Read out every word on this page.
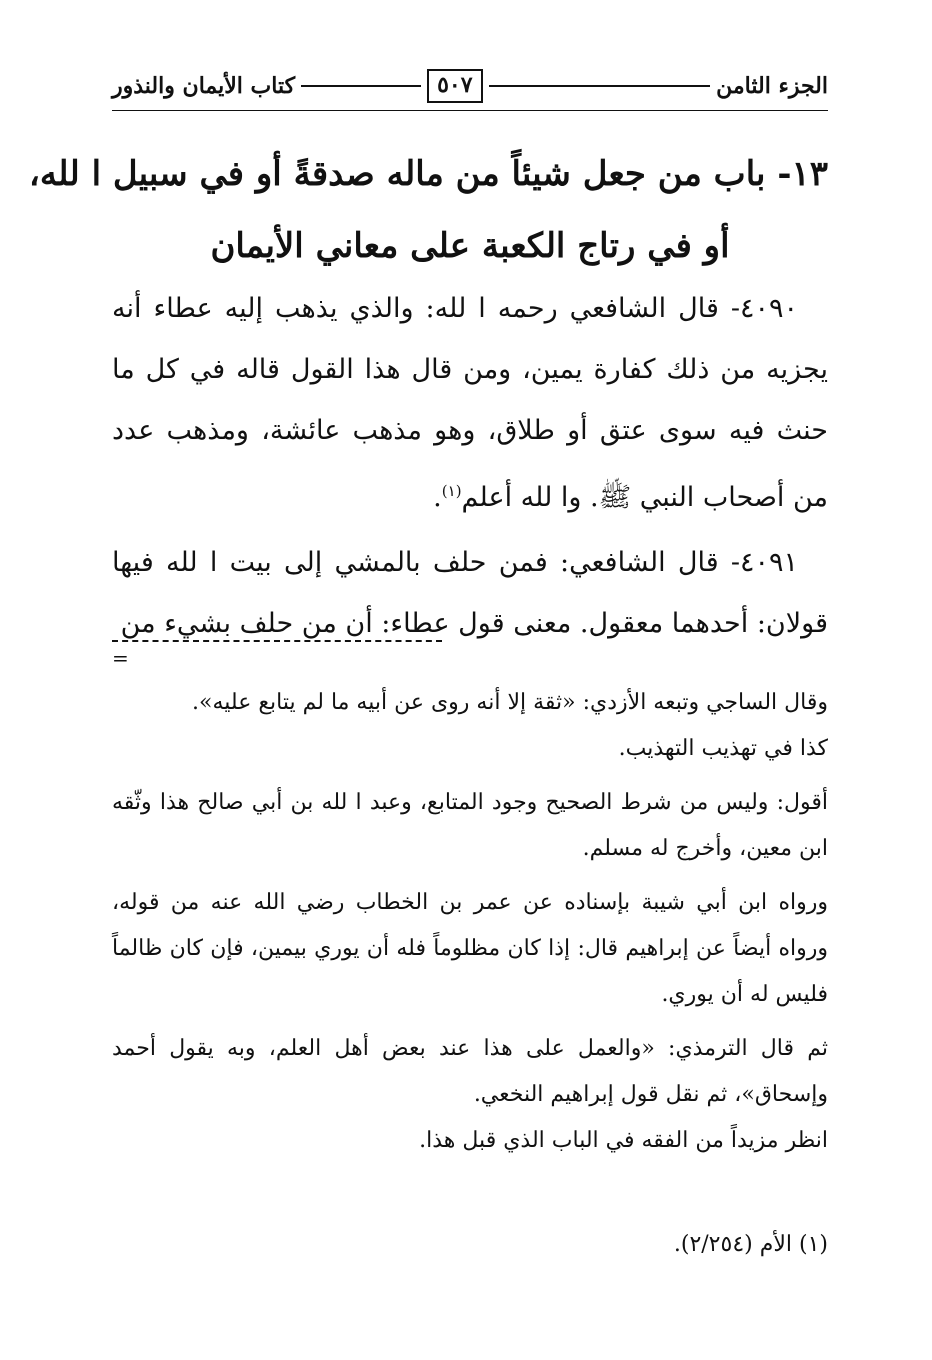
الجزء الثامن
٥٠٧
كتاب الأيمان والنذور
١٣- باب من جعل شيئاً من ماله صدقةً أو في سبيل ا لله،
أو في رتاج الكعبة على معاني الأيمان

٤٠٩٠- قال الشافعي رحمه ا لله: والذي يذهب إليه عطاء أنه يجزيه من ذلك كفارة يمين، ومن قال هذا القول قاله في كل ما حنث فيه سوى عتق أو طلاق، وهو مذهب عائشة، ومذهب عدد من أصحاب النبي ﷺ. وا لله أعلم$^{(١)}$.

٤٠٩١- قال الشافعي: فمن حلف بالمشي إلى بيت ا لله فيها قولان: أحدهما معقول. معنى قول عطاء: أن من حلف بشيء من

=

وقال الساجي وتبعه الأزدي: «ثقة إلا أنه روى عن أبيه ما لم يتابع عليه».

كذا في تهذيب التهذيب.

أقول: وليس من شرط الصحيح وجود المتابع، وعبد ا لله بن أبي صالح هذا وثّقه ابن معين، وأخرج له مسلم.

ورواه ابن أبي شيبة بإسناده عن عمر بن الخطاب رضي الله عنه من قوله، ورواه أيضاً عن إبراهيم قال: إذا كان مظلوماً فله أن يوري بيمين، فإن كان ظالماً فليس له أن يوري.

ثم قال الترمذي: «والعمل على هذا عند بعض أهل العلم، وبه يقول أحمد وإسحاق»، ثم نقل قول إبراهيم النخعي.

انظر مزيداً من الفقه في الباب الذي قبل هذا.

(١) الأم (٢/٢٥٤).
